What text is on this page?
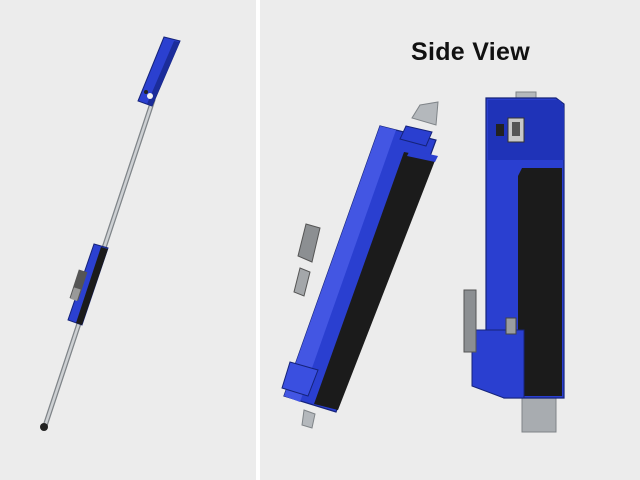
Side View
